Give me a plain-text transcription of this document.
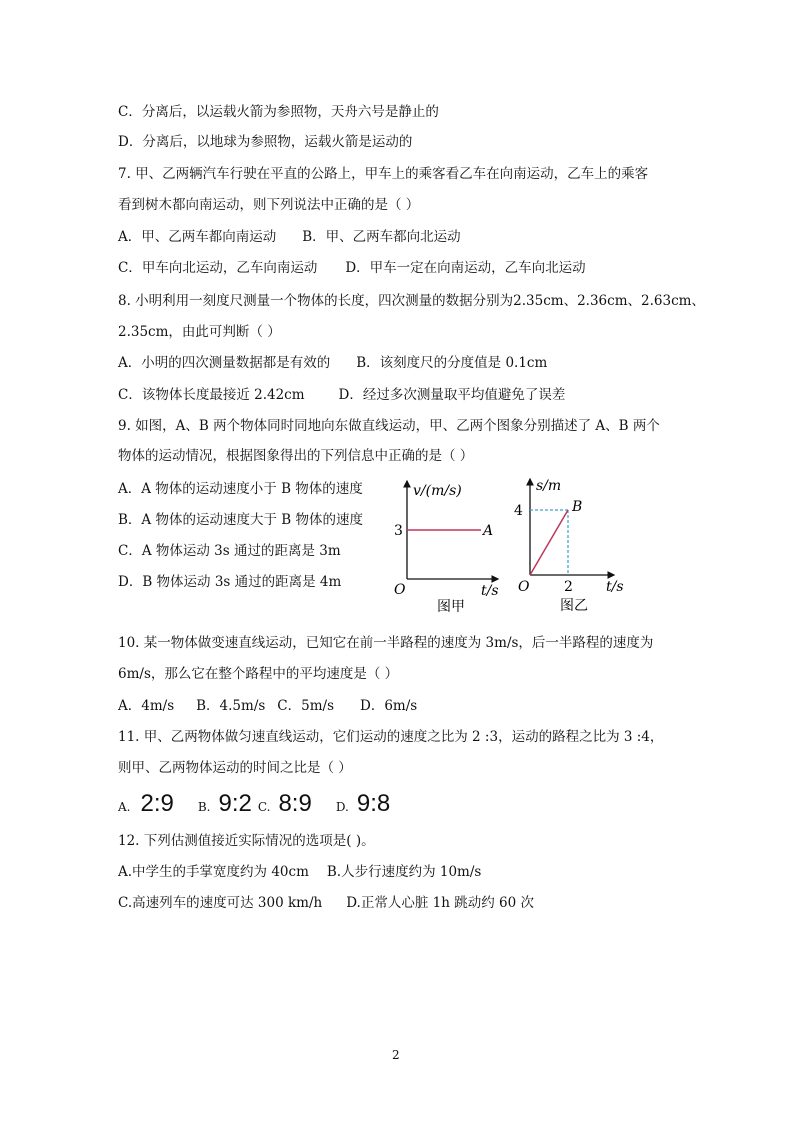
C．分离后，以运载火箭为参照物，天舟六号是静止的
D．分离后，以地球为参照物，运载火箭是运动的
7. 甲、乙两辆汽车行驶在平直的公路上，甲车上的乘客看乙车在向南运动，乙车上的乘客
看到树木都向南运动，则下列说法中正确的是（ ）
A．甲、乙两车都向南运动 B．甲、乙两车都向北运动
C．甲车向北运动，乙车向南运动 D．甲车一定在向南运动，乙车向北运动
8. 小明利用一刻度尺测量一个物体的长度，四次测量的数据分别为2.35cm、2.36cm、2.63cm、
2.35cm，由此可判断（ ）
A．小明的四次测量数据都是有效的 B．该刻度尺的分度值是 0.1cm
C．该物体长度最接近 2.42cm	D．经过多次测量取平均值避免了误差
9. 如图，A、B 两个物体同时同地向东做直线运动，甲、乙两个图象分别描述了 A、B 两个
物体的运动情况，根据图象得出的下列信息中正确的是（ ）
A．A 物体的运动速度小于 B 物体的速度
B．A 物体的运动速度大于 B 物体的速度
C．A 物体运动 3s 通过的距离是 3m
D．B 物体运动 3s 通过的距离是 4m
v/(m/s)
3	A
O	t/s
图甲
s/m
4	B
O 2 t/s
图乙
10. 某一物体做变速直线运动，已知它在前一半路程的速度为 3m/s，后一半路程的速度为
6m/s，那么它在整个路程中的平均速度是（ ）
A．4m/s B．4.5m/s C．5m/s D．6m/s
11. 甲、乙两物体做匀速直线运动，它们运动的速度之比为 2 :3，运动的路程之比为 3 :4，
则甲、乙两物体运动的时间之比是（ ）
A. 2:9 B. 9:2 C. 8:9 D. 9:8
12. 下列估测值接近实际情况的选项是( )。
A.中学生的手掌宽度约为 40cm B.人步行速度约为 10m/s
C.高速列车的速度可达 300 km/h D.正常人心脏 1h 跳动约 60 次
2
